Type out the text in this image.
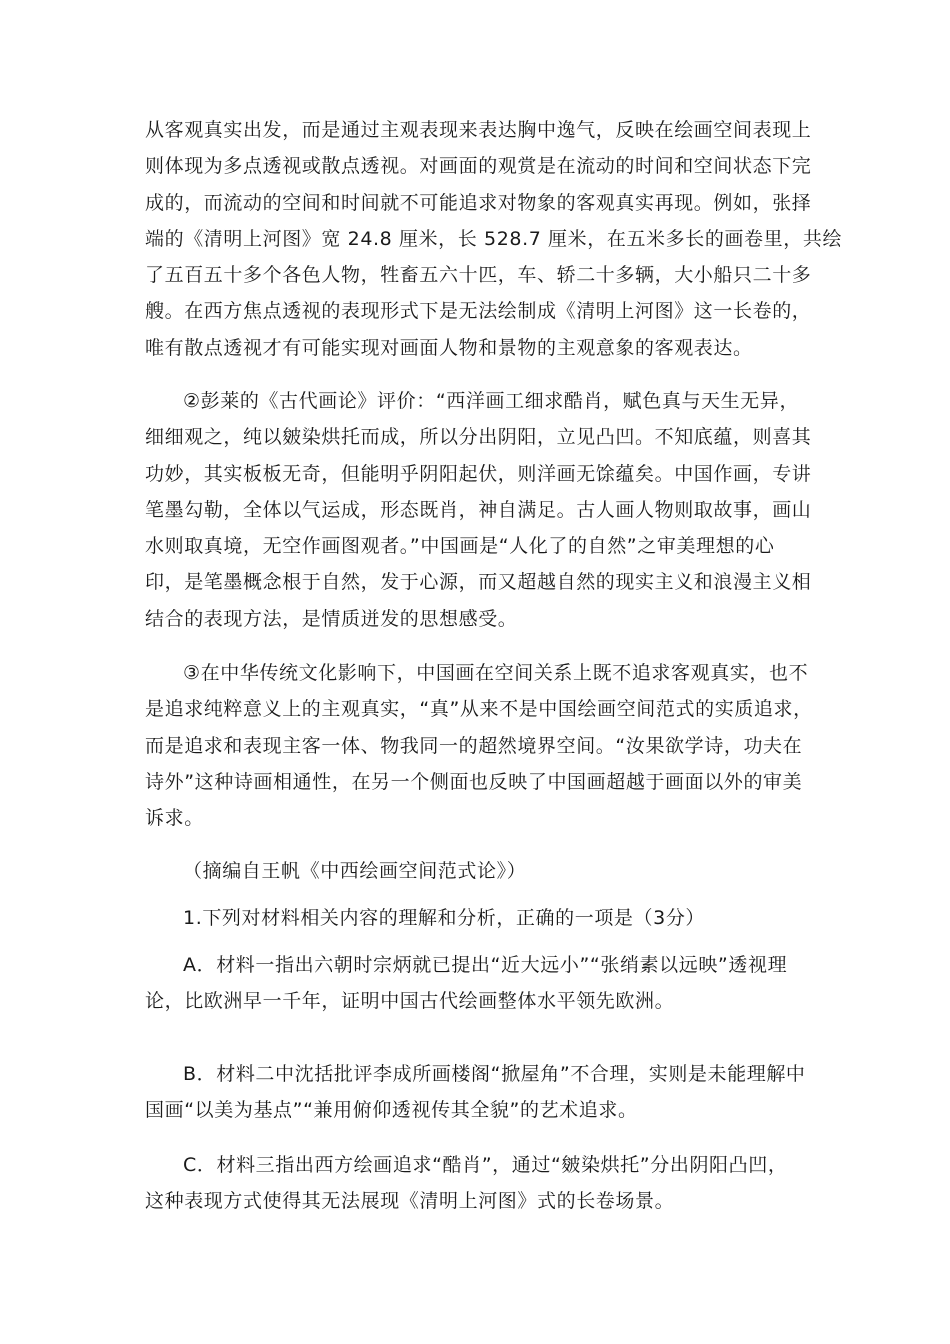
从客观真实出发，而是通过主观表现来表达胸中逸气，反映在绘画空间表现上
则体现为多点透视或散点透视。对画面的观赏是在流动的时间和空间状态下完
成的，而流动的空间和时间就不可能追求对物象的客观真实再现。例如，张择
端的《清明上河图》宽 24.8 厘米，长 528.7 厘米，在五米多长的画卷里，共绘
了五百五十多个各色人物，牲畜五六十匹，车、轿二十多辆，大小船只二十多
艘。在西方焦点透视的表现形式下是无法绘制成《清明上河图》这一长卷的，
唯有散点透视才有可能实现对画面人物和景物的主观意象的客观表达。
②彭莱的《古代画论》评价：“西洋画工细求酷肖，赋色真与天生无异，
细细观之，纯以皴染烘托而成，所以分出阴阳，立见凸凹。不知底蕴，则喜其
功妙，其实板板无奇，但能明乎阴阳起伏，则洋画无馀蕴矣。中国作画，专讲
笔墨勾勒，全体以气运成，形态既肖，神自满足。古人画人物则取故事，画山
水则取真境，无空作画图观者。”中国画是“人化了的自然”之审美理想的心
印，是笔墨概念根于自然，发于心源，而又超越自然的现实主义和浪漫主义相
结合的表现方法，是情质迸发的思想感受。
③在中华传统文化影响下，中国画在空间关系上既不追求客观真实，也不
是追求纯粹意义上的主观真实，“真”从来不是中国绘画空间范式的实质追求，
而是追求和表现主客一体、物我同一的超然境界空间。“汝果欲学诗，功夫在
诗外”这种诗画相通性，在另一个侧面也反映了中国画超越于画面以外的审美
诉求。
（摘编自王帆《中西绘画空间范式论》）
1.下列对材料相关内容的理解和分析，正确的一项是（3分）
A．材料一指出六朝时宗炳就已提出“近大远小”“张绡素以远映”透视理
论，比欧洲早一千年，证明中国古代绘画整体水平领先欧洲。
B．材料二中沈括批评李成所画楼阁“掀屋角”不合理，实则是未能理解中
国画“以美为基点”“兼用俯仰透视传其全貌”的艺术追求。
C．材料三指出西方绘画追求“酷肖”，通过“皴染烘托”分出阴阳凸凹，
这种表现方式使得其无法展现《清明上河图》式的长卷场景。
